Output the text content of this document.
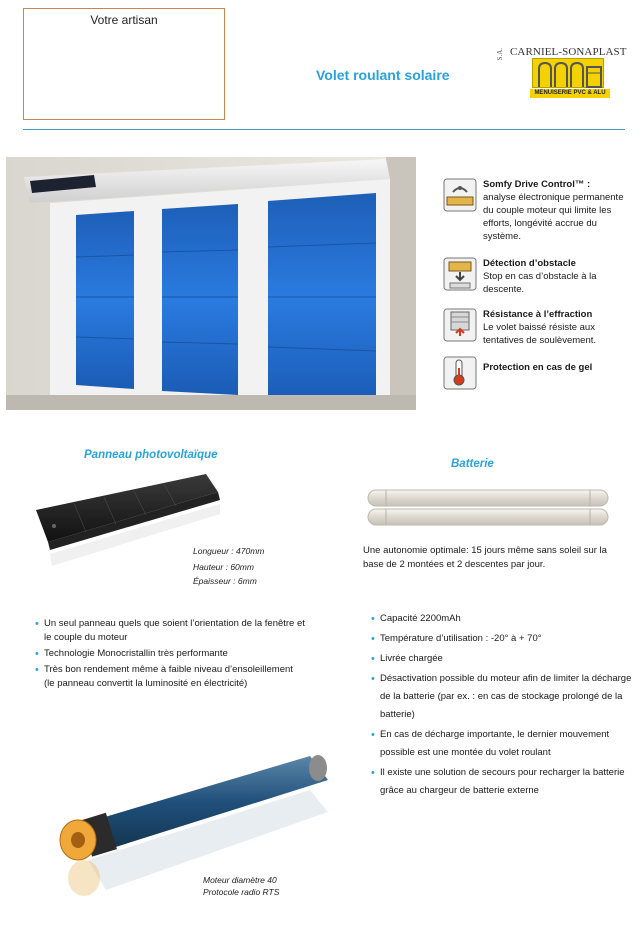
Votre artisan
Volet roulant solaire
S.A. CARNIEL-SONAPLAST
MENUISERIE PVC & ALU
Somfy Drive Control™ :
analyse électronique permanente du couple moteur qui limite les efforts, longévité accrue du système.
Détection d’obstacle
Stop en cas d’obstacle à la descente.
Résistance à l’effraction
Le volet baissé résiste aux tentatives de soulèvement.
Protection en cas de gel
Panneau photovoltaïque
Longueur : 470mm
Hauteur : 60mm
Épaisseur : 6mm
• Un seul panneau quels que soient l’orientation de la fenêtre et le couple du moteur
• Technologie Monocristallin très performante
• Très bon rendement même à faible niveau d’ensoleillement (le panneau convertit la luminosité en électricité)
Batterie
Une autonomie optimale: 15 jours même sans soleil sur la base de 2 montées et 2 descentes par jour.
• Capacité 2200mAh
• Température d’utilisation : -20° à + 70°
• Livrée chargée
• Désactivation possible du moteur afin de limiter la décharge de la batterie (par ex. : en cas de stockage prolongé de la batterie)
• En cas de décharge importante, le dernier mouvement possible est une montée du volet roulant
• Il existe une solution de secours pour recharger la batterie grâce au chargeur de batterie externe
Moteur diamètre 40
Protocole radio RTS
